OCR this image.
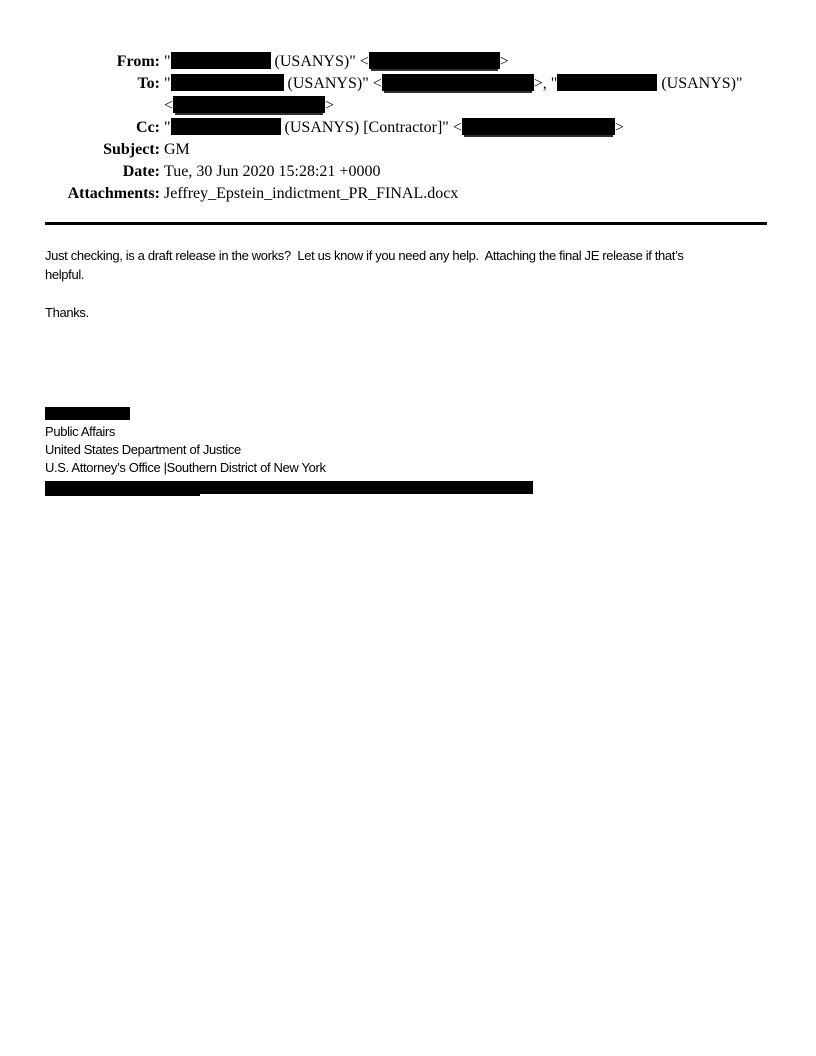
From: "	(USANYS)" <	>
To: "	(USANYS)" <	>, "	(USANYS)"
<	>
Cc: "	(USANYS) [Contractor]" <	>
Subject: GM
Date: Tue, 30 Jun 2020 15:28:21 +0000
Attachments: Jeffrey_Epstein_indictment_PR_FINAL.docx
Just checking, is a draft release in the works?  Let us know if you need any help.  Attaching the final JE release if that’s
helpful.
Thanks.
Public Affairs
United States Department of Justice
U.S. Attorney’s Office |Southern District of New York
